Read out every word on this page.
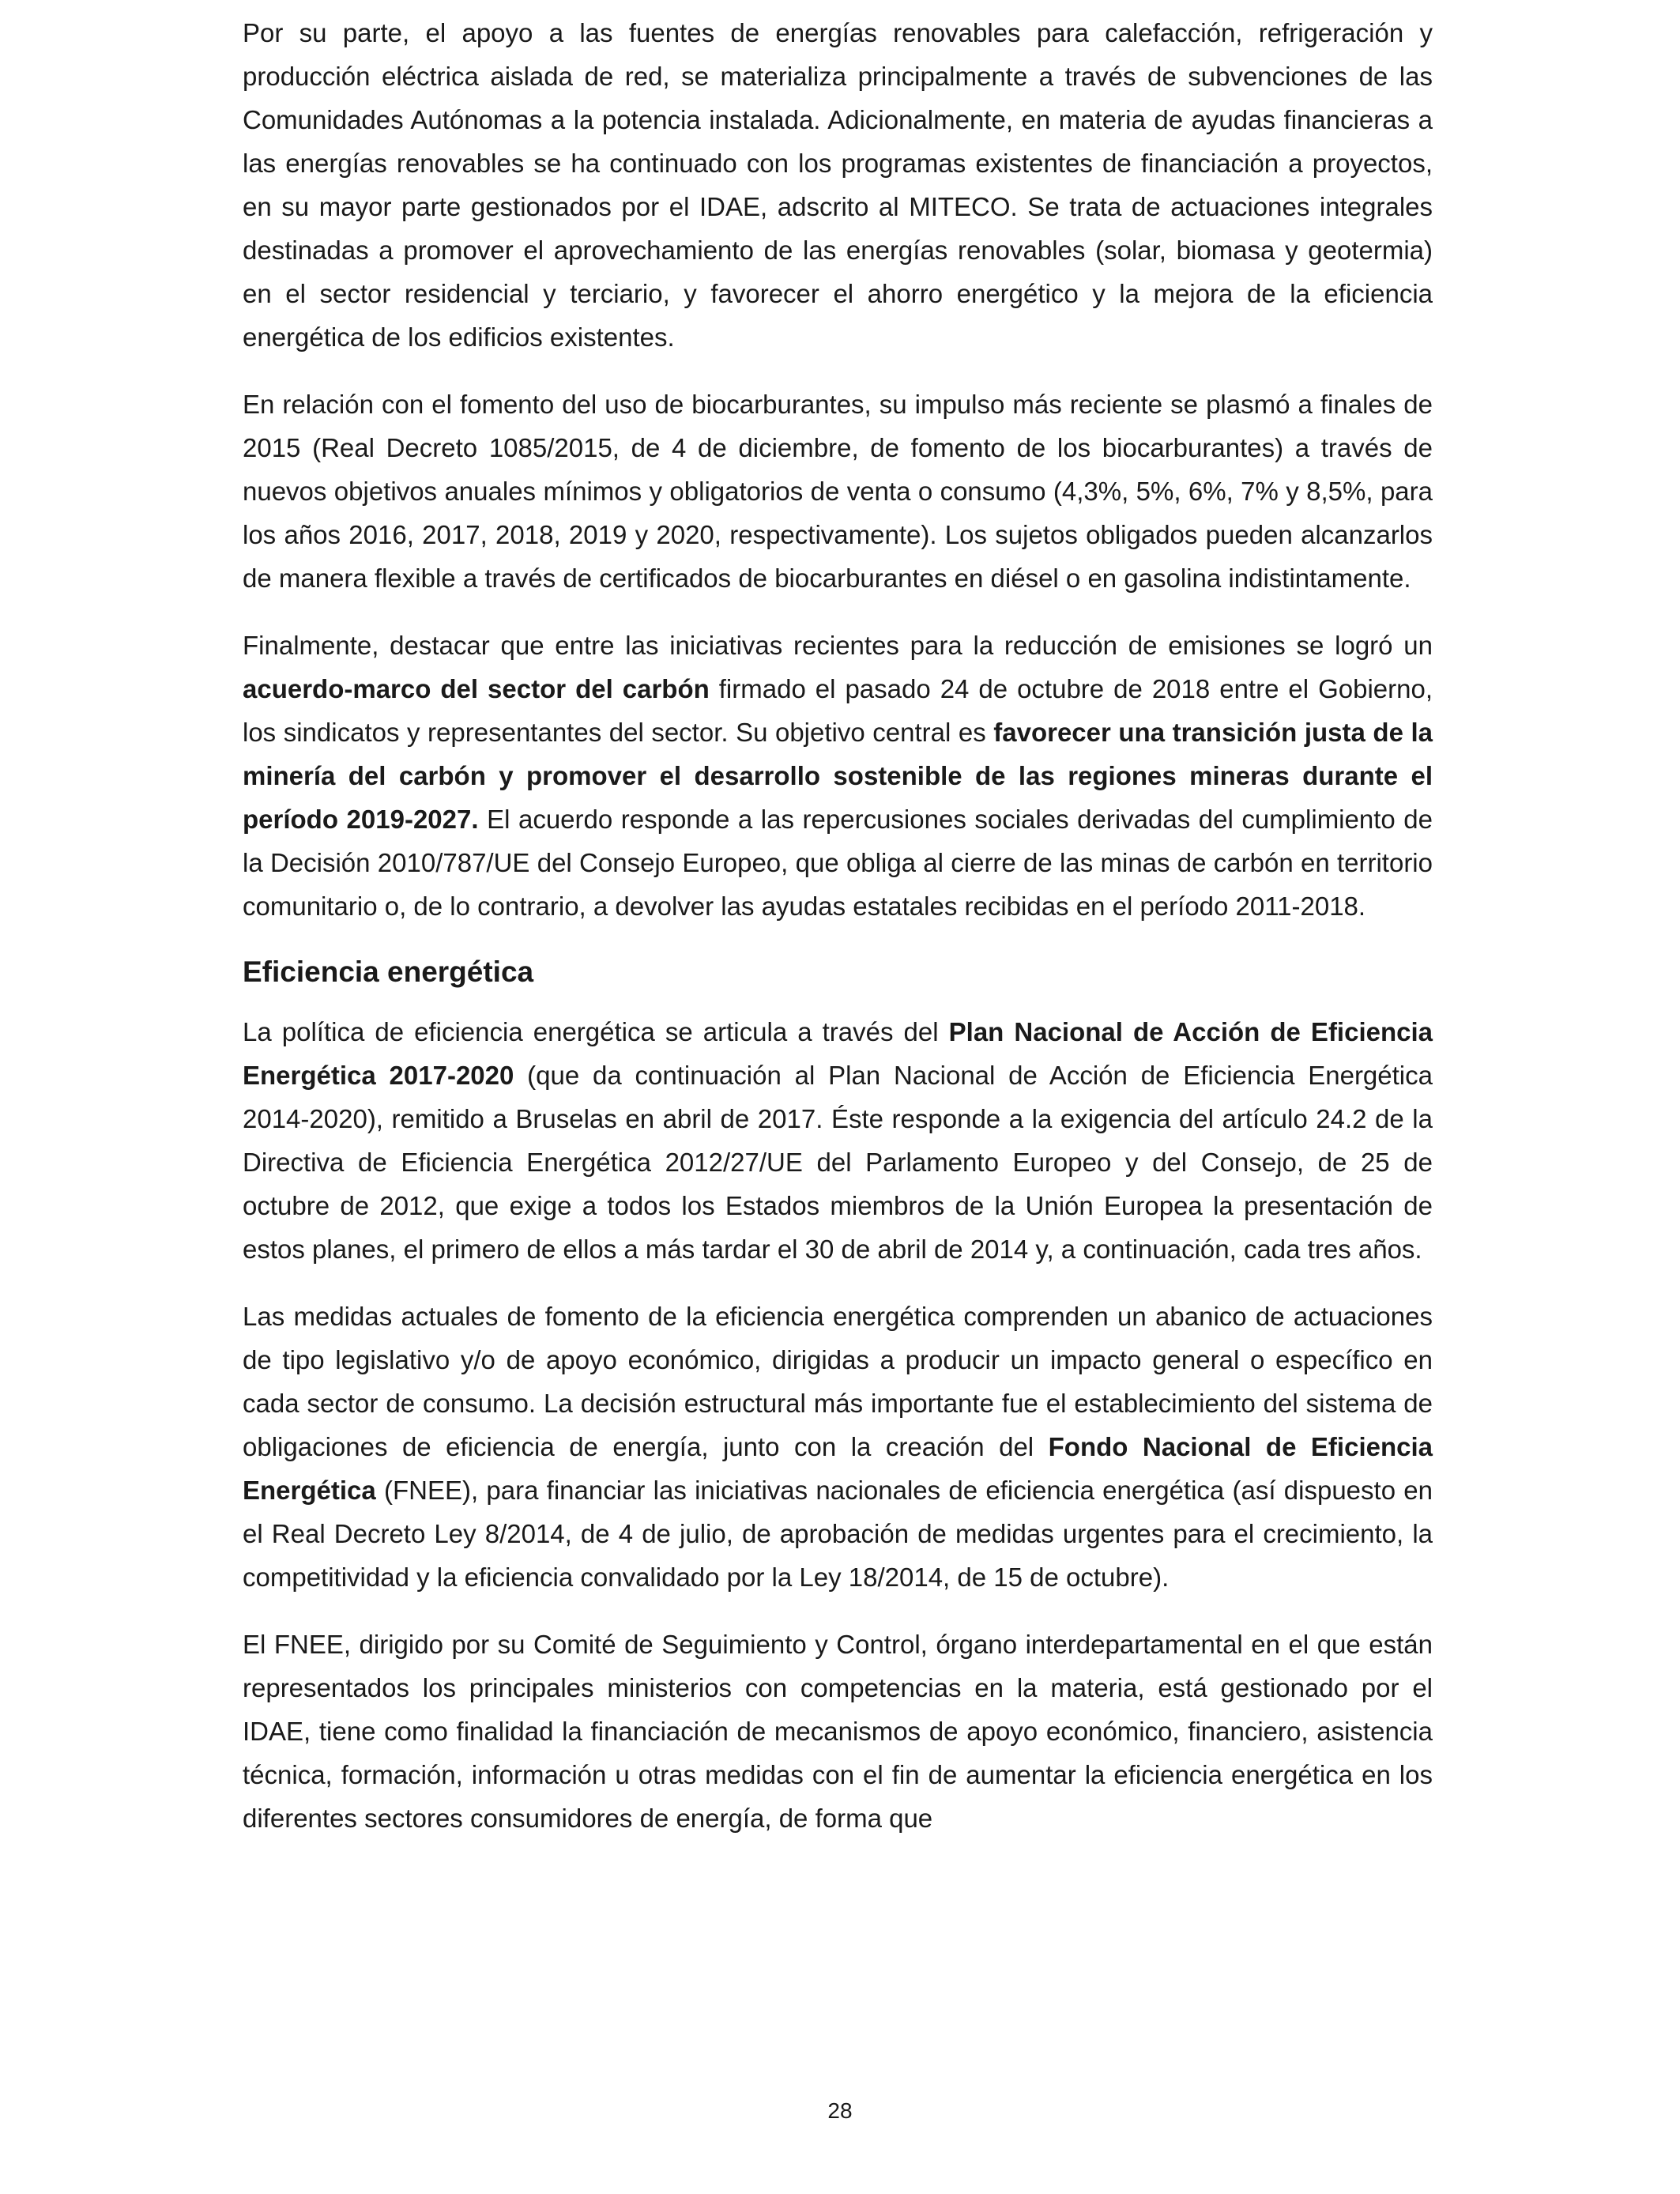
Por su parte, el apoyo a las fuentes de energías renovables para calefacción, refrigeración y producción eléctrica aislada de red, se materializa principalmente a través de subvenciones de las Comunidades Autónomas a la potencia instalada. Adicionalmente, en materia de ayudas financieras a las energías renovables se ha continuado con los programas existentes de financiación a proyectos, en su mayor parte gestionados por el IDAE, adscrito al MITECO. Se trata de actuaciones integrales destinadas a promover el aprovechamiento de las energías renovables (solar, biomasa y geotermia) en el sector residencial y terciario, y favorecer el ahorro energético y la mejora de la eficiencia energética de los edificios existentes.

En relación con el fomento del uso de biocarburantes, su impulso más reciente se plasmó a finales de 2015 (Real Decreto 1085/2015, de 4 de diciembre, de fomento de los biocarburantes) a través de nuevos objetivos anuales mínimos y obligatorios de venta o consumo (4,3%, 5%, 6%, 7% y 8,5%, para los años 2016, 2017, 2018, 2019 y 2020, respectivamente). Los sujetos obligados pueden alcanzarlos de manera flexible a través de certificados de biocarburantes en diésel o en gasolina indistintamente.

Finalmente, destacar que entre las iniciativas recientes para la reducción de emisiones se logró un acuerdo-marco del sector del carbón firmado el pasado 24 de octubre de 2018 entre el Gobierno, los sindicatos y representantes del sector. Su objetivo central es favorecer una transición justa de la minería del carbón y promover el desarrollo sostenible de las regiones mineras durante el período 2019-2027. El acuerdo responde a las repercusiones sociales derivadas del cumplimiento de la Decisión 2010/787/UE del Consejo Europeo, que obliga al cierre de las minas de carbón en territorio comunitario o, de lo contrario, a devolver las ayudas estatales recibidas en el período 2011-2018.

Eficiencia energética

La política de eficiencia energética se articula a través del Plan Nacional de Acción de Eficiencia Energética 2017-2020 (que da continuación al Plan Nacional de Acción de Eficiencia Energética 2014-2020), remitido a Bruselas en abril de 2017. Éste responde a la exigencia del artículo 24.2 de la Directiva de Eficiencia Energética 2012/27/UE del Parlamento Europeo y del Consejo, de 25 de octubre de 2012, que exige a todos los Estados miembros de la Unión Europea la presentación de estos planes, el primero de ellos a más tardar el 30 de abril de 2014 y, a continuación, cada tres años.

Las medidas actuales de fomento de la eficiencia energética comprenden un abanico de actuaciones de tipo legislativo y/o de apoyo económico, dirigidas a producir un impacto general o específico en cada sector de consumo. La decisión estructural más importante fue el establecimiento del sistema de obligaciones de eficiencia de energía, junto con la creación del Fondo Nacional de Eficiencia Energética (FNEE), para financiar las iniciativas nacionales de eficiencia energética (así dispuesto en el Real Decreto Ley 8/2014, de 4 de julio, de aprobación de medidas urgentes para el crecimiento, la competitividad y la eficiencia convalidado por la Ley 18/2014, de 15 de octubre).

El FNEE, dirigido por su Comité de Seguimiento y Control, órgano interdepartamental en el que están representados los principales ministerios con competencias en la materia, está gestionado por el IDAE, tiene como finalidad la financiación de mecanismos de apoyo económico, financiero, asistencia técnica, formación, información u otras medidas con el fin de aumentar la eficiencia energética en los diferentes sectores consumidores de energía, de forma que

28
